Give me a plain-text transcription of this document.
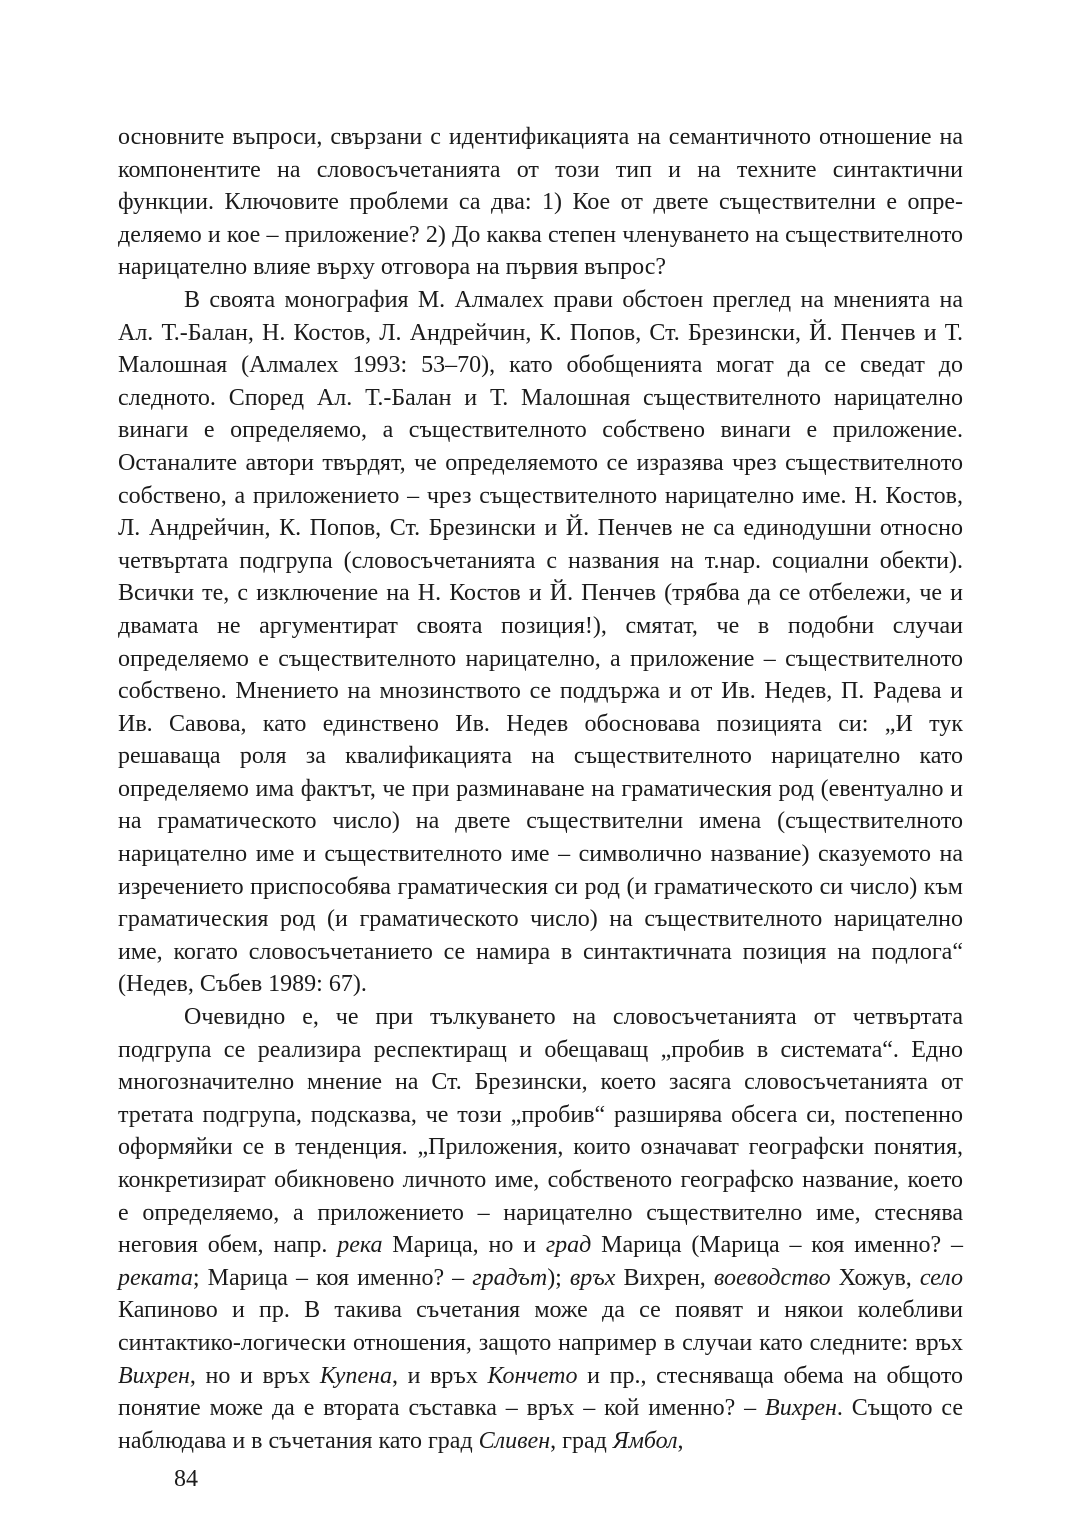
основните въпроси, свързани с идентификацията на семантичното отношение на компонентите на словосъчетанията от този тип и на техните синтактични функции. Ключовите проблеми са два: 1) Кое от двете съществителни е определяемо и кое – приложение? 2) До каква степен членуването на съществителното нарицателно влияе върху отговора на първия въпрос?

В своята монография М. Алмалех прави обстоен преглед на мненията на Ал. Т.-Балан, Н. Костов, Л. Андрейчин, К. Попов, Ст. Брезински, Й. Пенчев и Т. Малошная (Алмалех 1993: 53–70), като обобщенията могат да се сведат до следното. Според Ал. Т.-Балан и Т. Малошная съществителното нарицателно винаги е определяемо, а съществителното собствено винаги е приложение. Останалите автори твърдят, че определяемото се изразява чрез съществителното собствено, а приложението – чрез съществителното нарицателно име. Н. Костов, Л. Андрейчин, К. Попов, Ст. Брезински и Й. Пенчев не са единодушни относно четвъртата подгрупа (словосъчетанията с названия на т.нар. социални обекти). Всички те, с изключение на Н. Костов и Й. Пенчев (трябва да се отбележи, че и двамата не аргументират своята позиция!), смятат, че в подобни случаи определяемо е съществителното нарицателно, а приложение – съществителното собствено. Мнението на мнозинството се поддържа и от Ив. Недев, П. Радева и Ив. Савова, като единствено Ив. Недев обосновава позицията си: „И тук решаваща роля за квалификацията на съществителното нарицателно като определяемо има фактът, че при разминаване на граматическия род (евентуално и на граматическото число) на двете съществителни имена (съществителното нарицателно име и съществителното име – символично название) сказуемото на изречението приспособява граматическия си род (и граматическото си число) към граматическия род (и граматическото число) на съществителното нарицателно име, когато словосъчетанието се намира в синтактичната позиция на подлога“ (Недев, Събев 1989: 67).

Очевидно е, че при тълкуването на словосъчетанията от четвъртата подгрупа се реализира респектиращ и обещаващ „пробив в системата“. Едно многозначително мнение на Ст. Брезински, което засяга словосъчетанията от третата подгрупа, подсказва, че този „пробив“ разширява обсега си, постепенно оформяйки се в тенденция. „Приложения, които означават географски понятия, конкретизират обикновено личното име, собственото географско название, което е определяемо, а приложението – нарицателно съществително име, стеснява неговия обем, напр. река Марица, но и град Марица (Марица – коя именно? – реката; Марица – коя именно? – градът); връх Вихрен, воеводство Хожув, село Капиново и пр. В такива съчетания може да се появят и някои колебливи синтактико-логически отношения, защото например в случаи като следните: връх Вихрен, но и връх Купена, и връх Кончето и пр., стесняваща обема на общото понятие може да е втората съставка – връх – кой именно? – Вихрен. Същото се наблюдава и в съчетания като град Сливен, град Ямбол,

84
